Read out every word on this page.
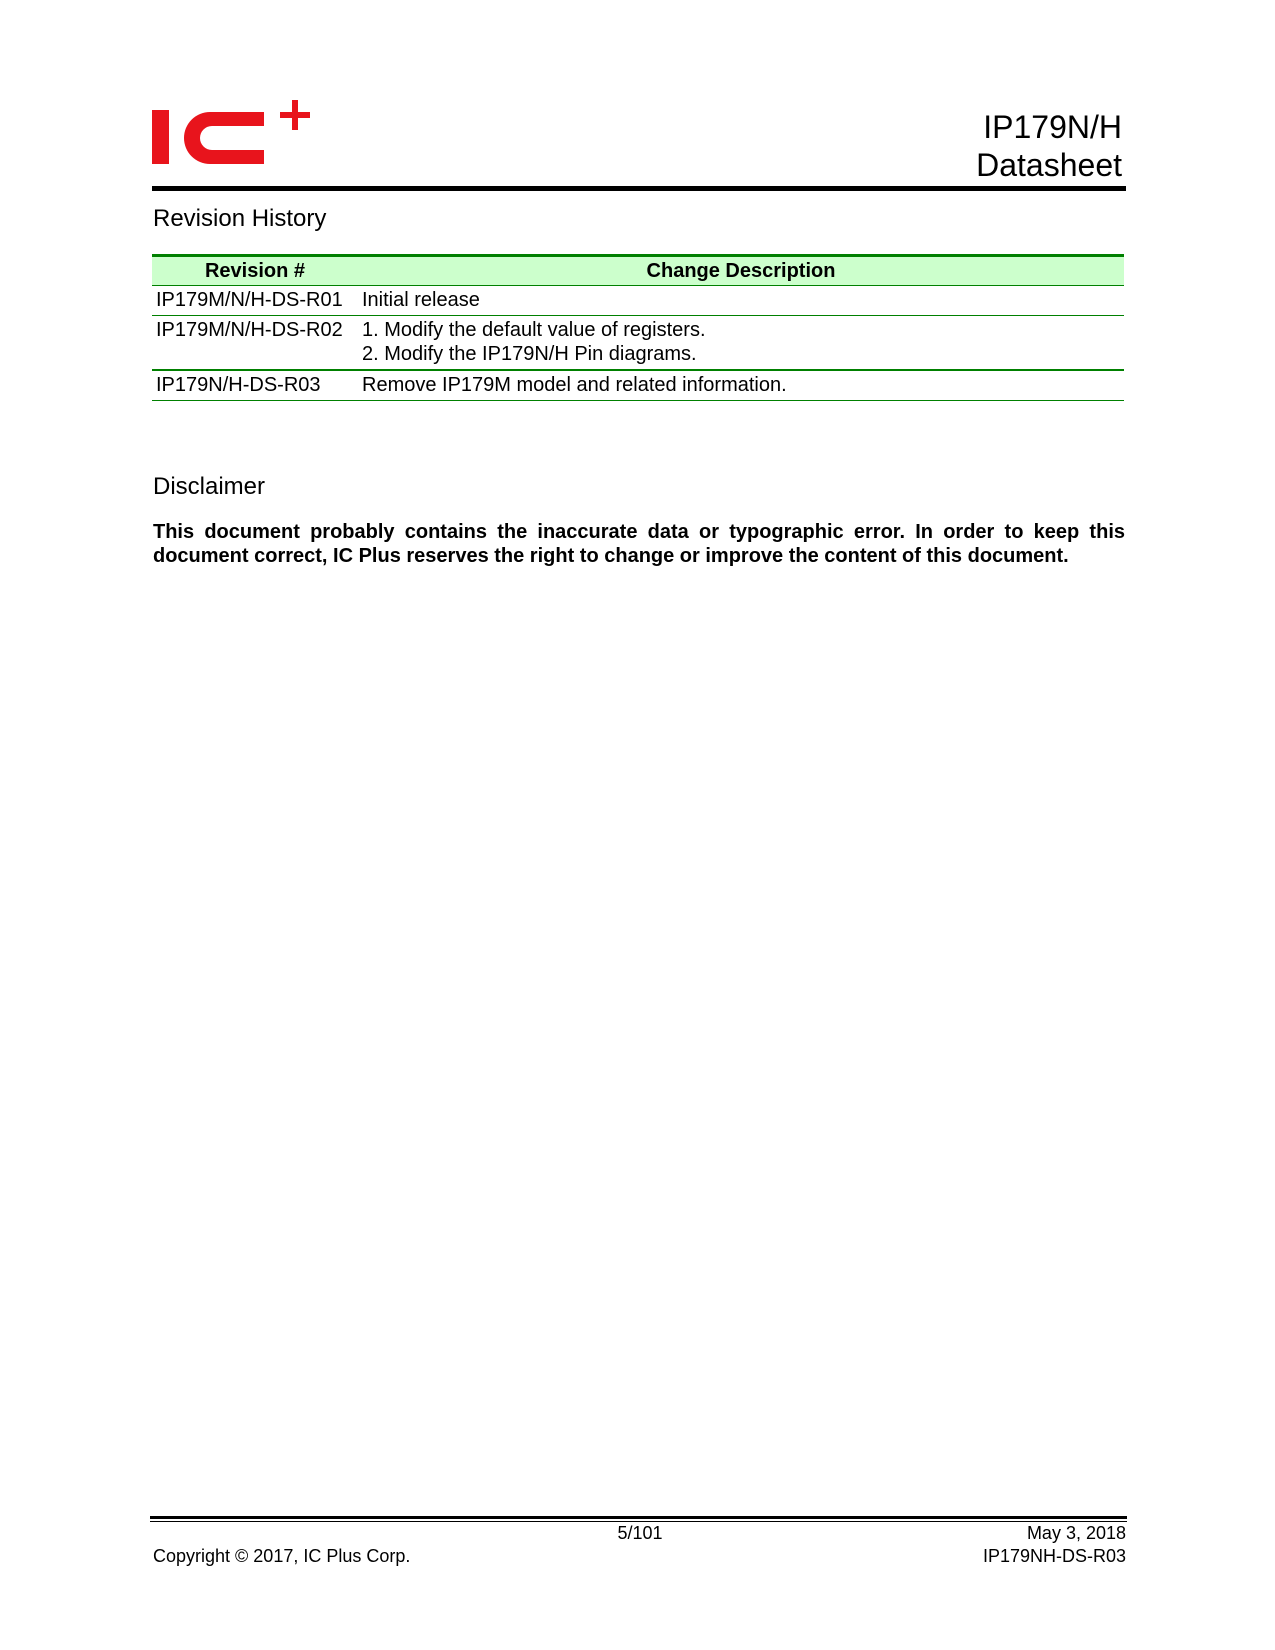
IP179N/H
Datasheet
Revision History
Revision #	Change Description
IP179M/N/H-DS-R01	Initial release

IP179M/N/H-DS-R02	1. Modify the default value of registers.
2. Modify the IP179N/H Pin diagrams.

IP179N/H-DS-R03	Remove IP179M model and related information.
Disclaimer

This document probably contains the inaccurate data or typographic error. In order to keep this document correct, IC Plus reserves the right to change or improve the content of this document.

5/101	May 3, 2018
Copyright © 2017, IC Plus Corp.	IP179NH-DS-R03
